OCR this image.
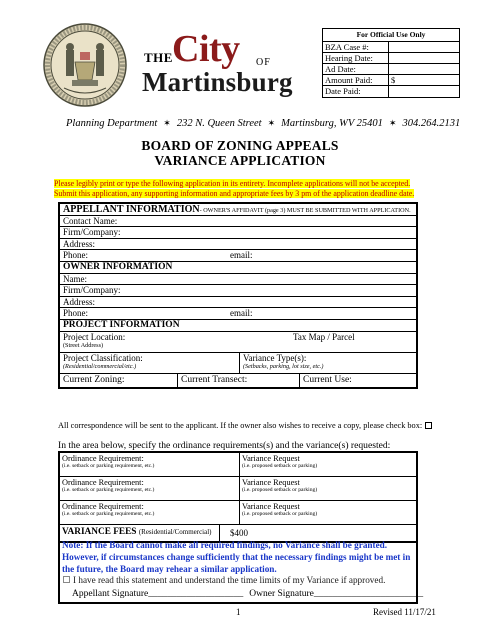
THE City OF
Martinsburg
For Official Use Only
BZA Case #:
Hearing Date:
Ad Date:
Amount Paid:	$
Date Paid:
Planning Department ✶ 232 N. Queen Street ✶ Martinsburg, WV 25401 ✶ 304.264.2131
BOARD OF ZONING APPEALS
VARIANCE APPLICATION
Please legibly print or type the following application in its entirety. Incomplete applications will not be accepted.
Submit this application, any supporting information and appropriate fees by 3 pm of the application deadline date.
APPELLANT INFORMATION- OWNER'S AFFIDAVIT (page 3) MUST BE SUBMITTED WITH APPLICATION.
Contact Name:
Firm/Company:
Address:
Phone:	email:
OWNER INFORMATION
Name:
Firm/Company:
Address:
Phone:	email:
PROJECT INFORMATION
Project Location:
(Street Address)
Tax Map / Parcel
Project Classification:
(Residential/commercial/etc.)
Variance Type(s):
(Setbacks, parking, lot size, etc.)
Current Zoning:	Current Transect:	Current Use:
All correspondence will be sent to the applicant. If the owner also wishes to receive a copy, please check box:
In the area below, specify the ordinance requirements(s) and the variance(s) requested:
Ordinance Requirement:
(i.e. setback or parking requirement, etc.)
Variance Request
(i.e. proposed setback or parking)
Ordinance Requirement:
(i.e. setback or parking requirement, etc.)
Variance Request
(i.e. proposed setback or parking)
Ordinance Requirement:
(i.e. setback or parking requirement, etc.)
Variance Request
(i.e. proposed setback or parking)
VARIANCE FEES (Residential/Commercial)	$400
Note: If the Board cannot make all required findings, no Variance shall be granted. However, if circumstances change sufficiently that the necessary findings might be met in the future, the Board may rehear a similar application.
I have read this statement and understand the time limits of my Variance if approved.
Appellant Signature____________________ Owner Signature_______________________
1	Revised 11/17/21
